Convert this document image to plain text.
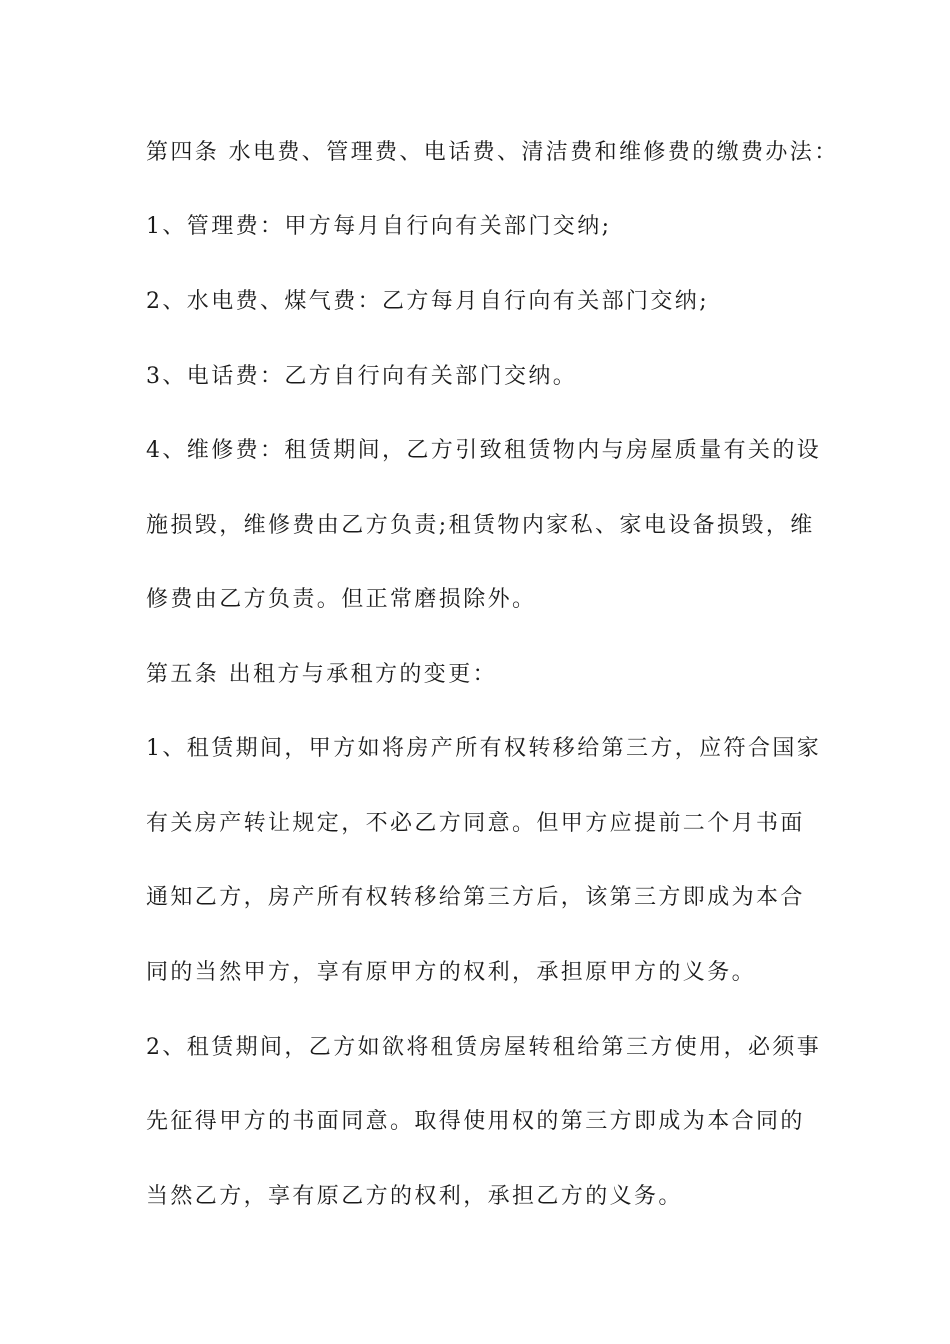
第四条 水电费、管理费、电话费、清洁费和维修费的缴费办法：
1、管理费：甲方每月自行向有关部门交纳;
2、水电费、煤气费：乙方每月自行向有关部门交纳;
3、电话费：乙方自行向有关部门交纳。
4、维修费：租赁期间，乙方引致租赁物内与房屋质量有关的设
施损毁，维修费由乙方负责;租赁物内家私、家电设备损毁，维
修费由乙方负责。但正常磨损除外。
第五条 出租方与承租方的变更：
1、租赁期间，甲方如将房产所有权转移给第三方，应符合国家
有关房产转让规定，不必乙方同意。但甲方应提前二个月书面
通知乙方，房产所有权转移给第三方后，该第三方即成为本合
同的当然甲方，享有原甲方的权利，承担原甲方的义务。
2、租赁期间，乙方如欲将租赁房屋转租给第三方使用，必须事
先征得甲方的书面同意。取得使用权的第三方即成为本合同的
当然乙方，享有原乙方的权利，承担乙方的义务。
